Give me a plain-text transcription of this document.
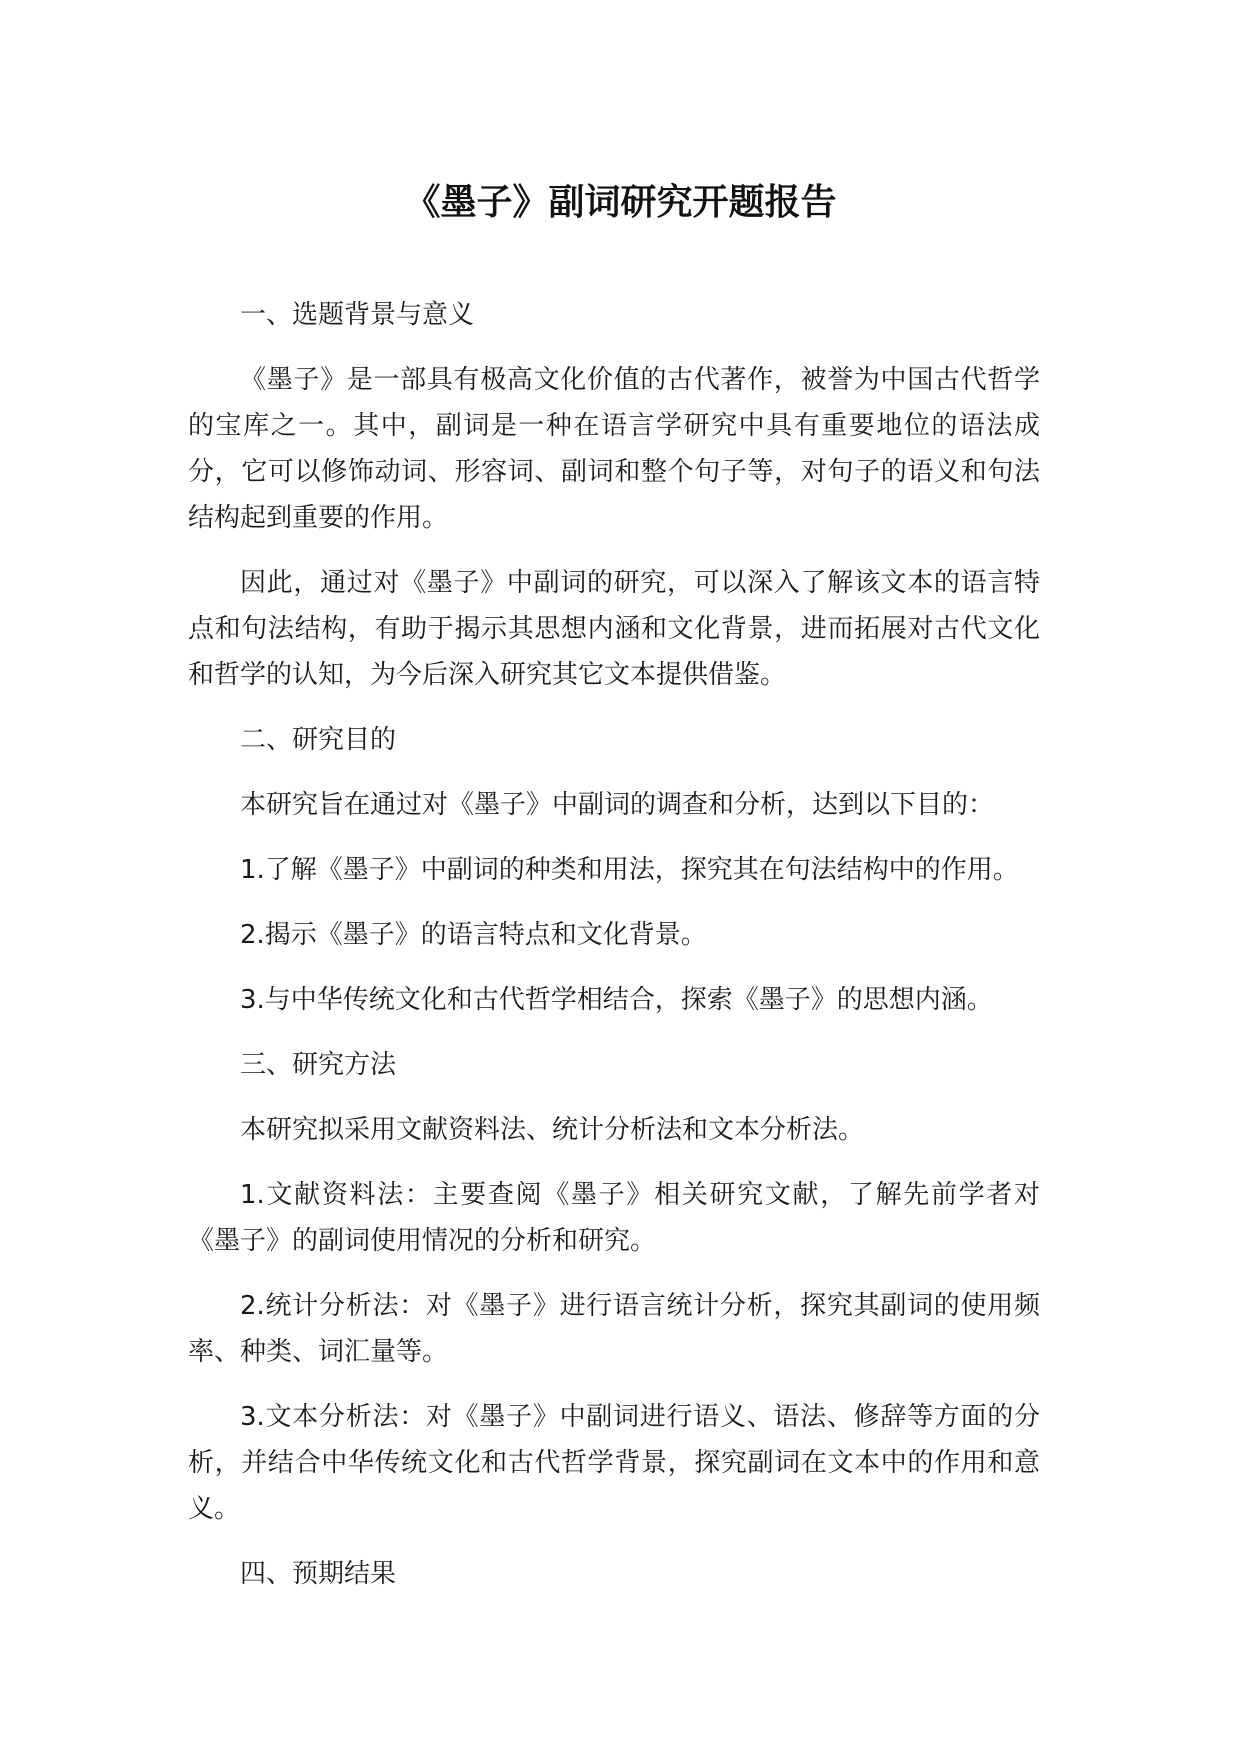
《墨子》副词研究开题报告

一、选题背景与意义

《墨子》是一部具有极高文化价值的古代著作，被誉为中国古代哲学的宝库之一。其中，副词是一种在语言学研究中具有重要地位的语法成分，它可以修饰动词、形容词、副词和整个句子等，对句子的语义和句法结构起到重要的作用。

因此，通过对《墨子》中副词的研究，可以深入了解该文本的语言特点和句法结构，有助于揭示其思想内涵和文化背景，进而拓展对古代文化和哲学的认知，为今后深入研究其它文本提供借鉴。

二、研究目的

本研究旨在通过对《墨子》中副词的调查和分析，达到以下目的：

1.了解《墨子》中副词的种类和用法，探究其在句法结构中的作用。

2.揭示《墨子》的语言特点和文化背景。

3.与中华传统文化和古代哲学相结合，探索《墨子》的思想内涵。

三、研究方法

本研究拟采用文献资料法、统计分析法和文本分析法。

1.文献资料法：主要查阅《墨子》相关研究文献，了解先前学者对《墨子》的副词使用情况的分析和研究。

2.统计分析法：对《墨子》进行语言统计分析，探究其副词的使用频率、种类、词汇量等。

3.文本分析法：对《墨子》中副词进行语义、语法、修辞等方面的分析，并结合中华传统文化和古代哲学背景，探究副词在文本中的作用和意义。

四、预期结果
